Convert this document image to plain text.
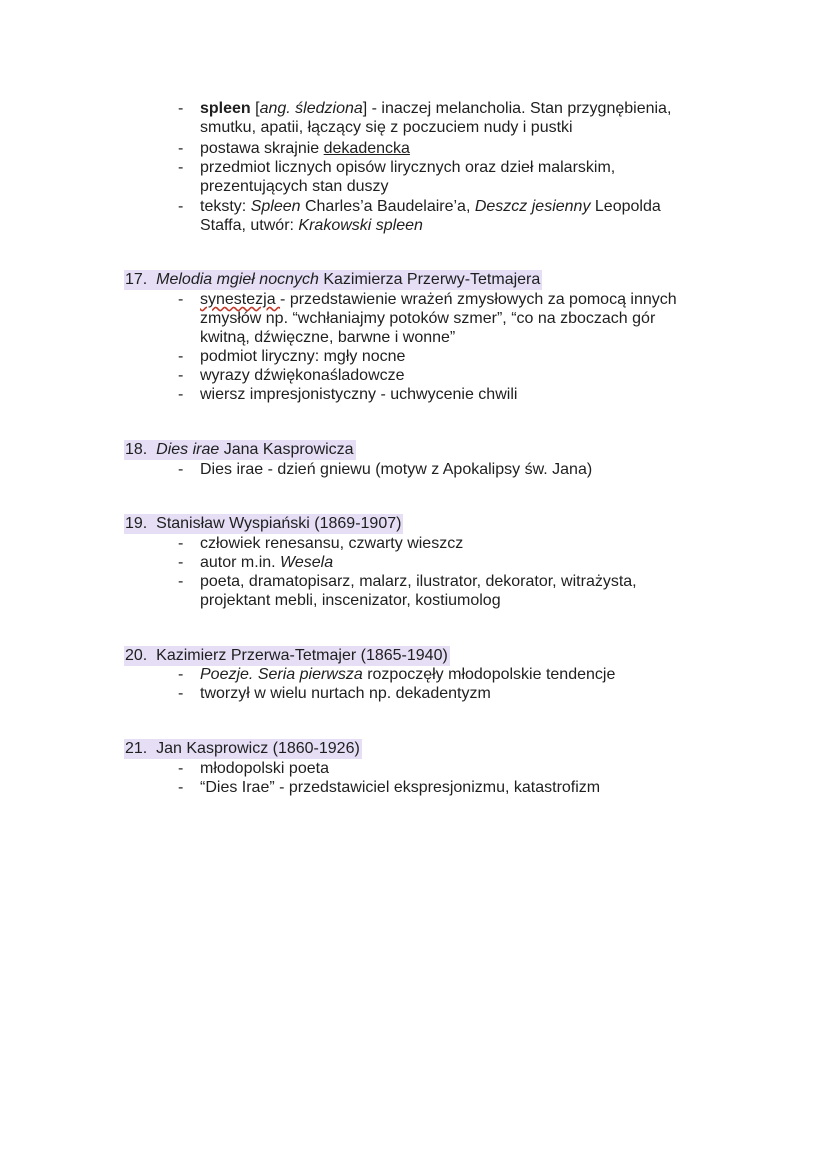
-	spleen [ang. śledziona] - inaczej melancholia. Stan przygnębienia,
smutku, apatii, łączący się z poczuciem nudy i pustki
-	postawa skrajnie dekadencka
-	przedmiot licznych opisów lirycznych oraz dzieł malarskim,
prezentujących stan duszy
-	teksty: Spleen Charles’a Baudelaire’a, Deszcz jesienny Leopolda
Staffa, utwór: Krakowski spleen
17. Melodia mgieł nocnych Kazimierza Przerwy-Tetmajera
-	synestezja - przedstawienie wrażeń zmysłowych za pomocą innych
zmysłów np. “wchłaniajmy potoków szmer”, “co na zboczach gór
kwitną, dźwięczne, barwne i wonne”
-	podmiot liryczny: mgły nocne
-	wyrazy dźwiękonaśladowcze
-	wiersz impresjonistyczny - uchwycenie chwili
18. Dies irae Jana Kasprowicza
-	Dies irae - dzień gniewu (motyw z Apokalipsy św. Jana)
19. Stanisław Wyspiański (1869-1907)
-	człowiek renesansu, czwarty wieszcz
-	autor m.in. Wesela
-	poeta, dramatopisarz, malarz, ilustrator, dekorator, witrażysta,
projektant mebli, inscenizator, kostiumolog
20. Kazimierz Przerwa-Tetmajer (1865-1940)
-	Poezje. Seria pierwsza rozpoczęły młodopolskie tendencje
-	tworzył w wielu nurtach np. dekadentyzm
21. Jan Kasprowicz (1860-1926)
-	młodopolski poeta
-	“Dies Irae” - przedstawiciel ekspresjonizmu, katastrofizm
